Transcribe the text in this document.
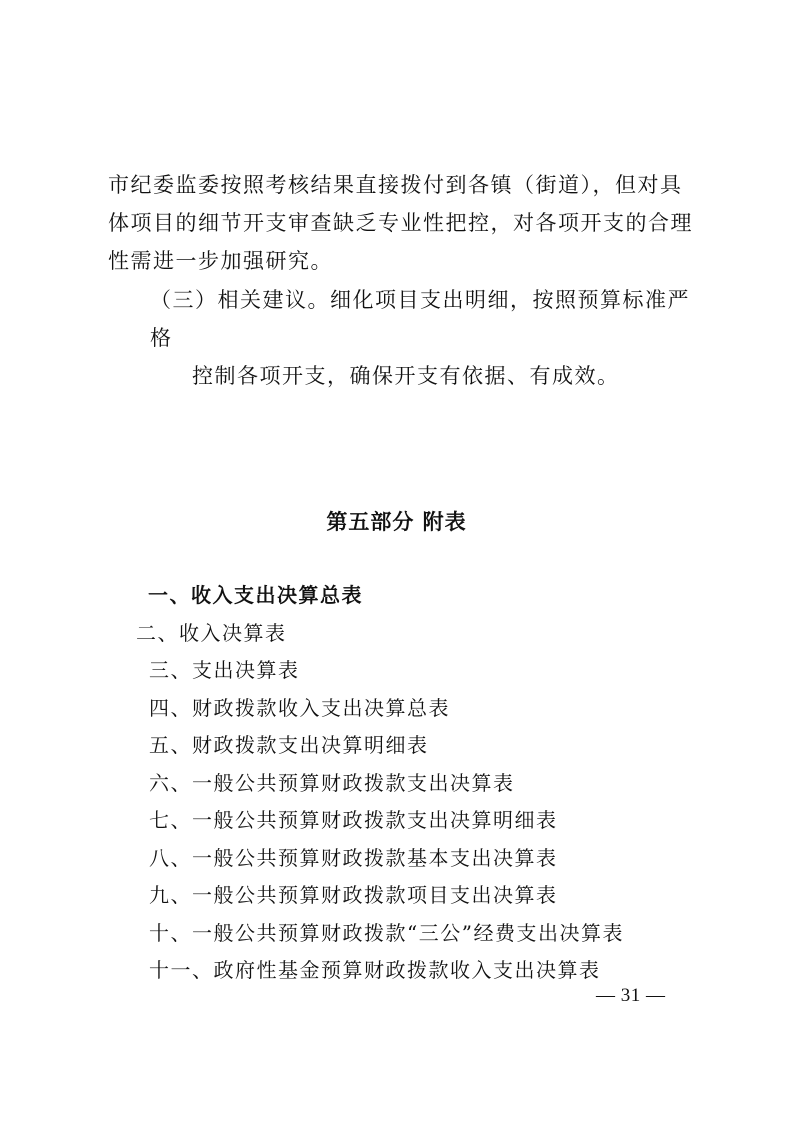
市纪委监委按照考核结果直接拨付到各镇（街道），但对具体项目的细节开支审查缺乏专业性把控，对各项开支的合理性需进一步加强研究。

（三）相关建议。细化项目支出明细，按照预算标准严格
控制各项开支，确保开支有依据、有成效。

第五部分 附表
一、收入支出决算总表
二、收入决算表
三、支出决算表
四、财政拨款收入支出决算总表
五、财政拨款支出决算明细表
六、一般公共预算财政拨款支出决算表
七、一般公共预算财政拨款支出决算明细表
八、一般公共预算财政拨款基本支出决算表
九、一般公共预算财政拨款项目支出决算表
十、一般公共预算财政拨款“三公”经费支出决算表
十一、政府性基金预算财政拨款收入支出决算表
— 31 —
